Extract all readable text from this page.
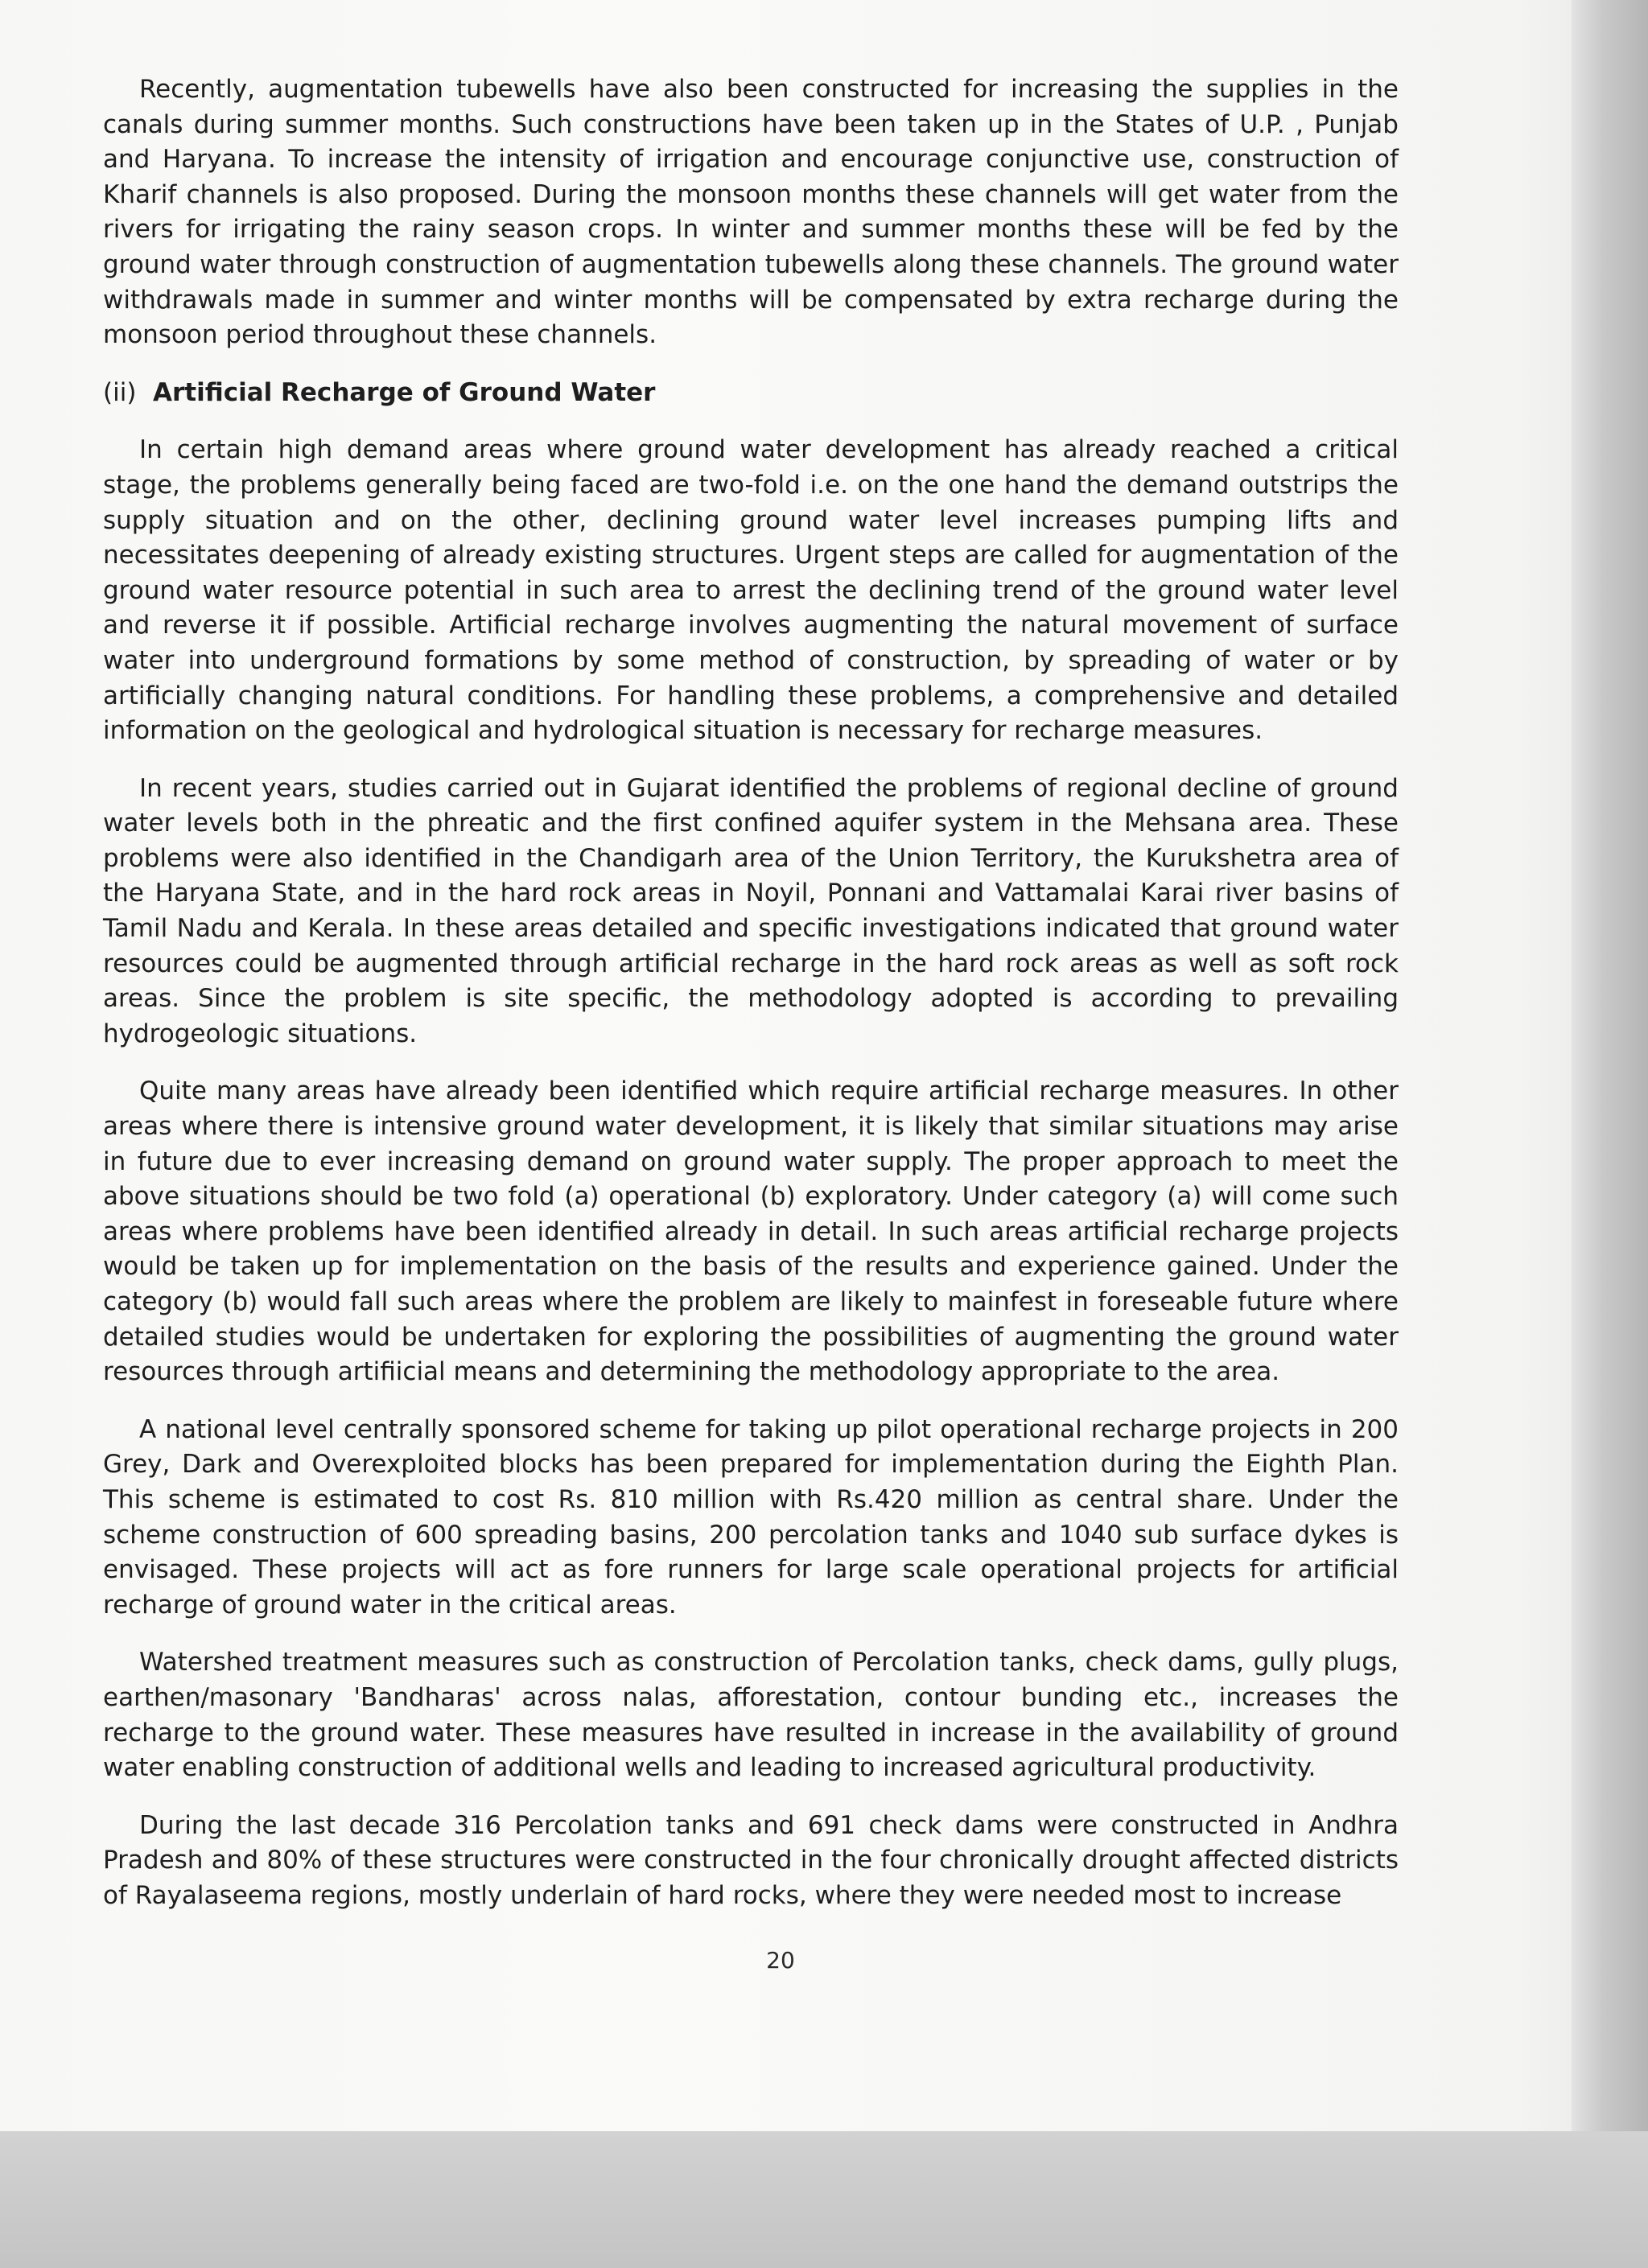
Recently, augmentation tubewells have also been constructed for increasing the supplies in the canals during summer months. Such constructions have been taken up in the States of U.P. , Punjab and Haryana. To increase the intensity of irrigation and encourage conjunctive use, construction of Kharif channels is also proposed. During the monsoon months these channels will get water from the rivers for irrigating the rainy season crops. In winter and summer months these will be fed by the ground water through construction of augmentation tubewells along these channels. The ground water withdrawals made in summer and winter months will be compensated by extra recharge during the monsoon period throughout these channels.

(ii) Artificial Recharge of Ground Water

In certain high demand areas where ground water development has already reached a critical stage, the problems generally being faced are two-fold i.e. on the one hand the demand outstrips the supply situation and on the other, declining ground water level increases pumping lifts and necessitates deepening of already existing structures. Urgent steps are called for augmentation of the ground water resource potential in such area to arrest the declining trend of the ground water level and reverse it if possible. Artificial recharge involves augmenting the natural movement of surface water into underground formations by some method of construction, by spreading of water or by artificially changing natural conditions. For handling these problems, a comprehensive and detailed information on the geological and hydrological situation is necessary for recharge measures.

In recent years, studies carried out in Gujarat identified the problems of regional decline of ground water levels both in the phreatic and the first confined aquifer system in the Mehsana area. These problems were also identified in the Chandigarh area of the Union Territory, the Kurukshetra area of the Haryana State, and in the hard rock areas in Noyil, Ponnani and Vattamalai Karai river basins of Tamil Nadu and Kerala. In these areas detailed and specific investigations indicated that ground water resources could be augmented through artificial recharge in the hard rock areas as well as soft rock areas. Since the problem is site specific, the methodology adopted is according to prevailing hydrogeologic situations.

Quite many areas have already been identified which require artificial recharge measures. In other areas where there is intensive ground water development, it is likely that similar situations may arise in future due to ever increasing demand on ground water supply. The proper approach to meet the above situations should be two fold (a) operational (b) exploratory. Under category (a) will come such areas where problems have been identified already in detail. In such areas artificial recharge projects would be taken up for implementation on the basis of the results and experience gained. Under the category (b) would fall such areas where the problem are likely to mainfest in foreseable future where detailed studies would be undertaken for exploring the possibilities of augmenting the ground water resources through artifiicial means and determining the methodology appropriate to the area.

A national level centrally sponsored scheme for taking up pilot operational recharge projects in 200 Grey, Dark and Overexploited blocks has been prepared for implementation during the Eighth Plan. This scheme is estimated to cost Rs. 810 million with Rs.420 million as central share. Under the scheme construction of 600 spreading basins, 200 percolation tanks and 1040 sub surface dykes is envisaged. These projects will act as fore runners for large scale operational projects for artificial recharge of ground water in the critical areas.

Watershed treatment measures such as construction of Percolation tanks, check dams, gully plugs, earthen/masonary 'Bandharas' across nalas, afforestation, contour bunding etc., increases the recharge to the ground water. These measures have resulted in increase in the availability of ground water enabling construction of additional wells and leading to increased agricultural productivity.

During the last decade 316 Percolation tanks and 691 check dams were constructed in Andhra Pradesh and 80% of these structures were constructed in the four chronically drought affected districts of Rayalaseema regions, mostly underlain of hard rocks, where they were needed most to increase

20
